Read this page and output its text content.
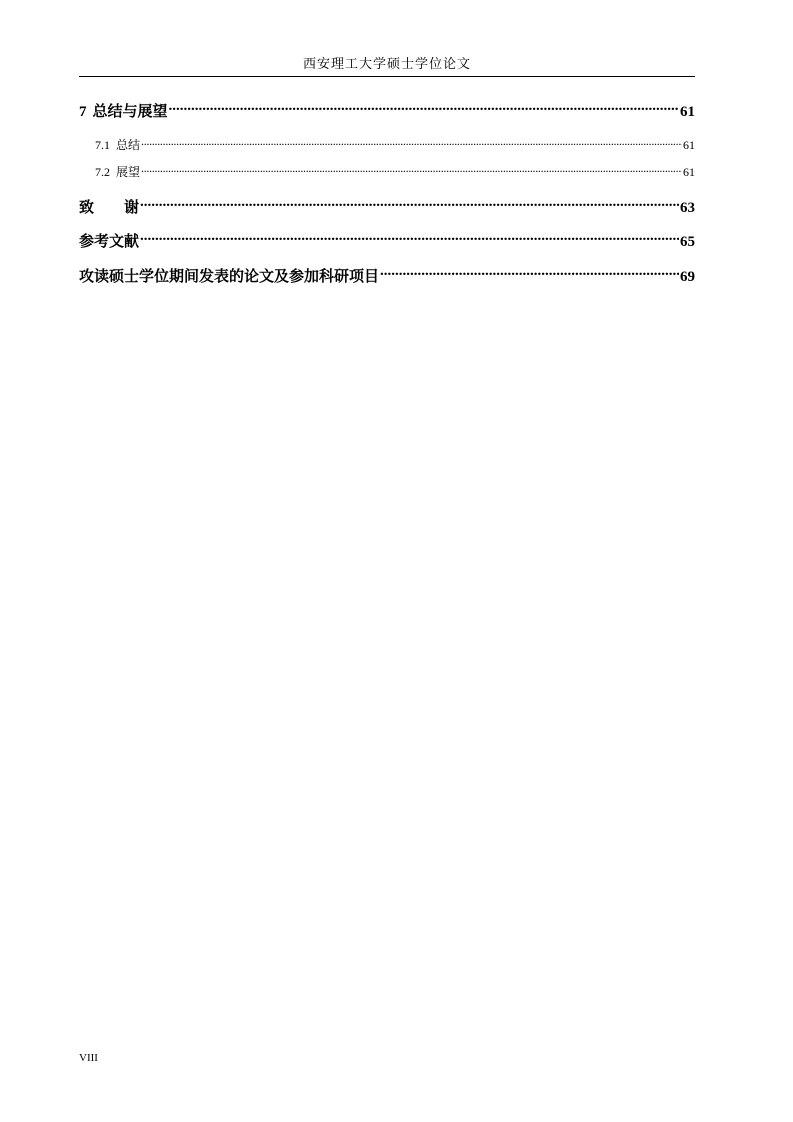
西安理工大学硕士学位论文
7 总结与展望 .....	61
7.1 总结 .....	61
7.2 展望 .....	61
致　　谢 .....	63
参考文献 .....	65
攻读硕士学位期间发表的论文及参加科研项目 .....	69
VIII
